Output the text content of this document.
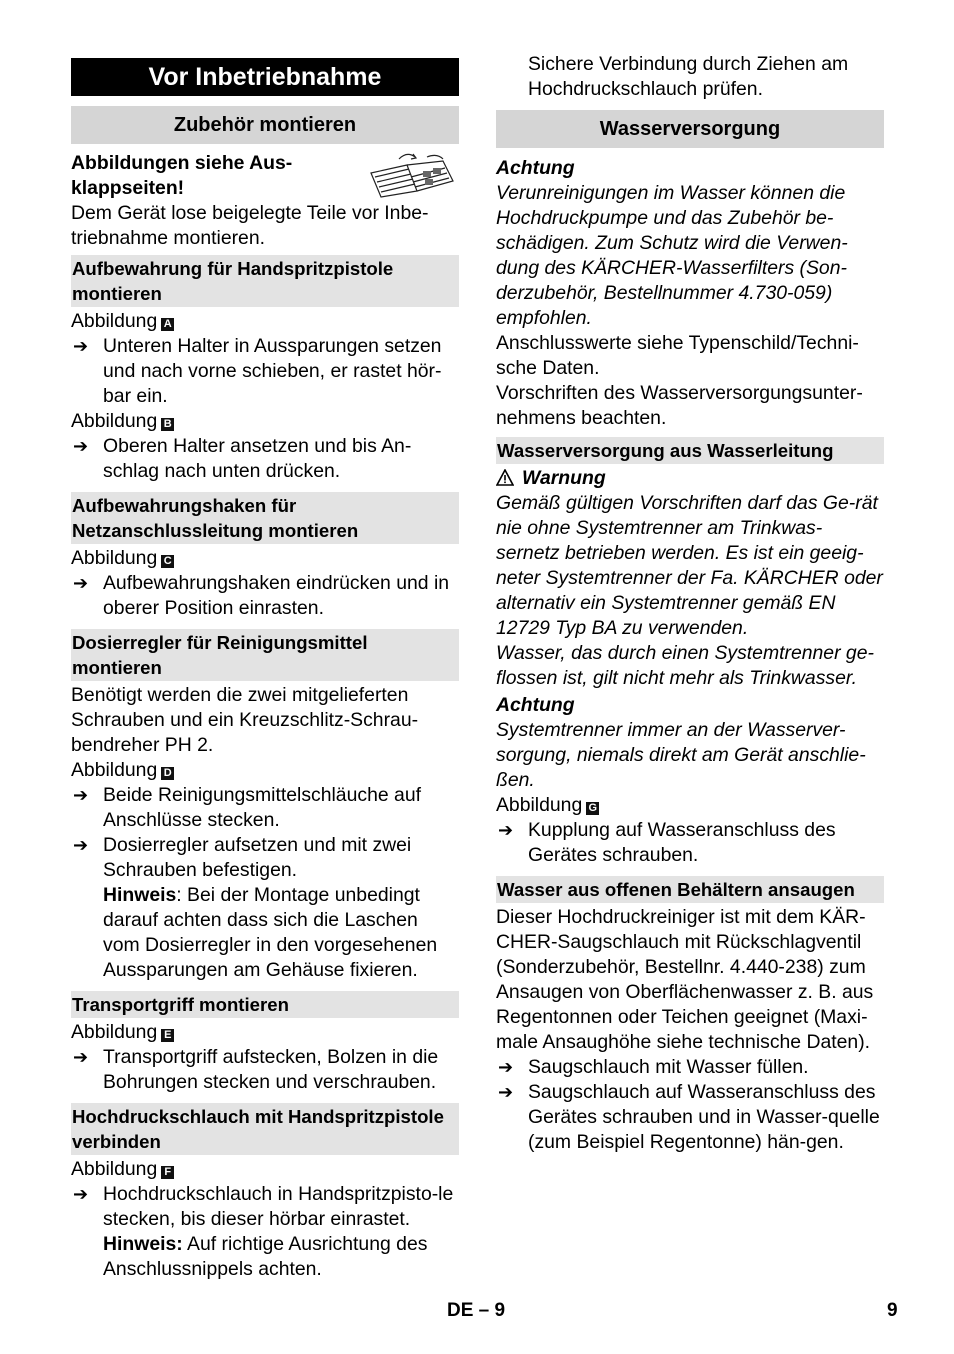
Vor Inbetriebnahme
Zubehör montieren

Abbildungen siehe Aus-klappseiten!

Dem Gerät lose beigelegte Teile vor Inbe-triebnahme montieren.

Aufbewahrung für Handspritzpistole montieren

Abbildung A

➔ Unteren Halter in Aussparungen setzen und nach vorne schieben, er rastet hör-bar ein.

Abbildung B

➔ Oberen Halter ansetzen und bis An-schlag nach unten drücken.
Aufbewahrungshaken für Netzanschlussleitung montieren

Abbildung C

➔ Aufbewahrungshaken eindrücken und in oberer Position einrasten.
Dosierregler für Reinigungsmittel montieren

Benötigt werden die zwei mitgelieferten Schrauben und ein Kreuzschlitz-Schrau-bendreher PH 2.

Abbildung D

➔ Beide Reinigungsmittelschläuche auf Anschlüsse stecken.
➔ Dosierregler aufsetzen und mit zwei Schrauben befestigen.
Hinweis: Bei der Montage unbedingt darauf achten dass sich die Laschen vom Dosierregler in den vorgesehenen Aussparungen am Gehäuse fixieren.
Transportgriff montieren

Abbildung E

➔ Transportgriff aufstecken, Bolzen in die Bohrungen stecken und verschrauben.
Hochdruckschlauch mit Handspritzpistole verbinden

Abbildung F

➔ Hochdruckschlauch in Handspritzpisto-le stecken, bis dieser hörbar einrastet.
Hinweis: Auf richtige Ausrichtung des Anschlussnippels achten.

Sichere Verbindung durch Ziehen am Hochdruckschlauch prüfen.

Wasserversorgung

Achtung

Verunreinigungen im Wasser können die Hochdruckpumpe und das Zubehör be-schädigen. Zum Schutz wird die Verwen-dung des KÄRCHER-Wasserfilters (Son-derzubehör, Bestellnummer 4.730-059) empfohlen.

Anschlusswerte siehe Typenschild/Techni-sche Daten.

Vorschriften des Wasserversorgungsunter-nehmens beachten.

Wasserversorgung aus Wasserleitung

Warnung

Gemäß gültigen Vorschriften darf das Ge-rät nie ohne Systemtrenner am Trinkwas-sernetz betrieben werden. Es ist ein geeig-neter Systemtrenner der Fa. KÄRCHER oder alternativ ein Systemtrenner gemäß EN 12729 Typ BA zu verwenden.

Wasser, das durch einen Systemtrenner ge-flossen ist, gilt nicht mehr als Trinkwasser.

Achtung

Systemtrenner immer an der Wasserver-sorgung, niemals direkt am Gerät anschlie-ßen.

Abbildung G

➔ Kupplung auf Wasseranschluss des Gerätes schrauben.
Wasser aus offenen Behältern ansaugen

Dieser Hochdruckreiniger ist mit dem KÄR-CHER-Saugschlauch mit Rückschlagventil (Sonderzubehör, Bestellnr. 4.440-238) zum Ansaugen von Oberflächenwasser z. B. aus Regentonnen oder Teichen geeignet (Maxi-male Ansaughöhe siehe technische Daten).

➔ Saugschlauch mit Wasser füllen.
➔ Saugschlauch auf Wasseranschluss des Gerätes schrauben und in Wasser-quelle (zum Beispiel Regentonne) hän-gen.
DE – 9	9
